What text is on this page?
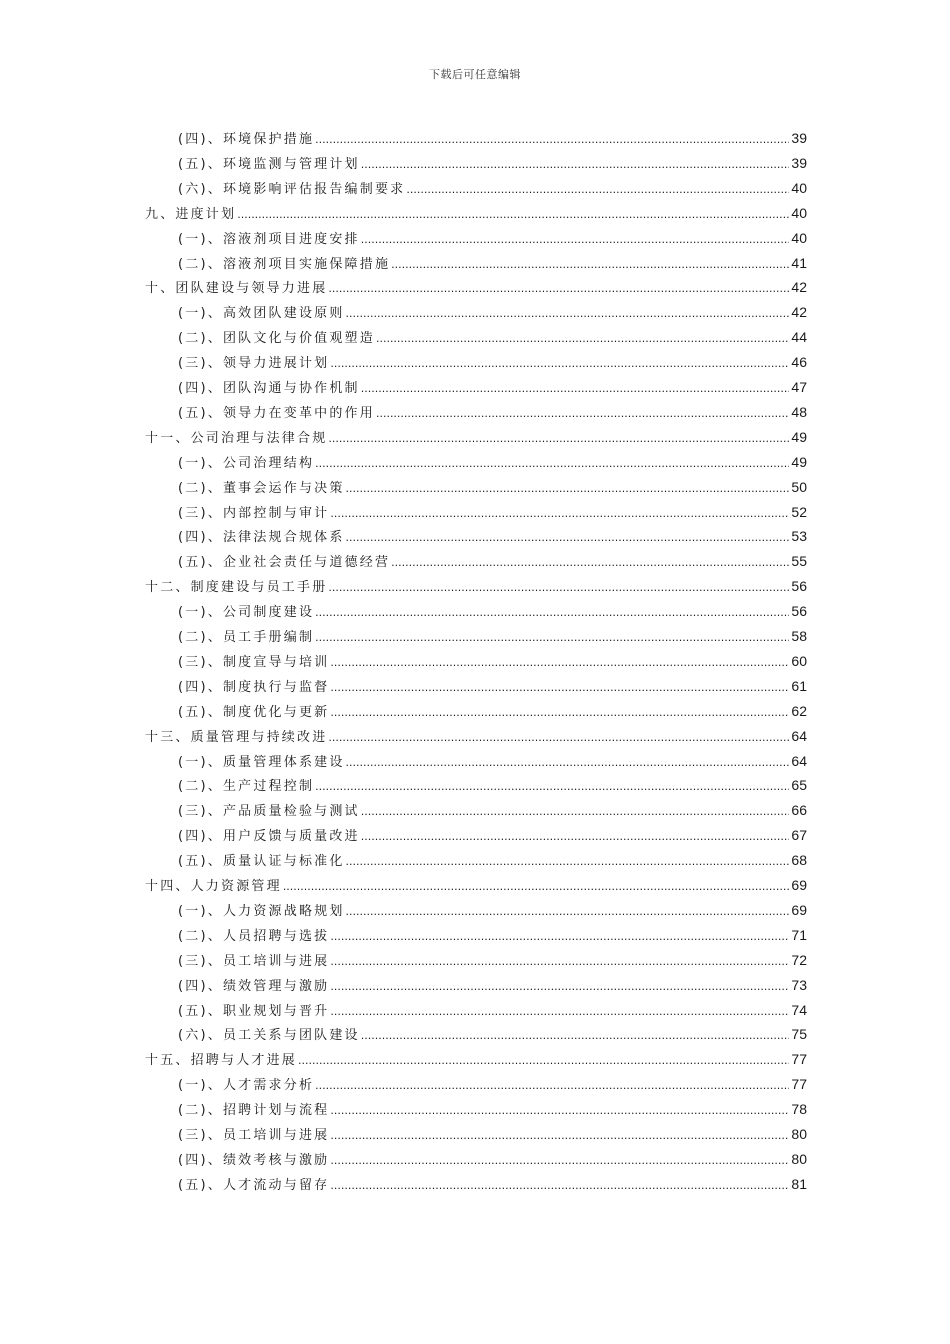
下载后可任意编辑
(四)、环境保护措施 .....	39
(五)、环境监测与管理计划 .....	39
(六)、环境影响评估报告编制要求 .....	40
九、进度计划 .....	40
(一)、溶液剂项目进度安排 .....	40
(二)、溶液剂项目实施保障措施 .....	41
十、团队建设与领导力进展 .....	42
(一)、高效团队建设原则 .....	42
(二)、团队文化与价值观塑造 .....	44
(三)、领导力进展计划 .....	46
(四)、团队沟通与协作机制 .....	47
(五)、领导力在变革中的作用 .....	48
十一、公司治理与法律合规 .....	49
(一)、公司治理结构 .....	49
(二)、董事会运作与决策 .....	50
(三)、内部控制与审计 .....	52
(四)、法律法规合规体系 .....	53
(五)、企业社会责任与道德经营 .....	55
十二、制度建设与员工手册 .....	56
(一)、公司制度建设 .....	56
(二)、员工手册编制 .....	58
(三)、制度宣导与培训 .....	60
(四)、制度执行与监督 .....	61
(五)、制度优化与更新 .....	62
十三、质量管理与持续改进 .....	64
(一)、质量管理体系建设 .....	64
(二)、生产过程控制 .....	65
(三)、产品质量检验与测试 .....	66
(四)、用户反馈与质量改进 .....	67
(五)、质量认证与标准化 .....	68
十四、人力资源管理 .....	69
(一)、人力资源战略规划 .....	69
(二)、人员招聘与选拔 .....	71
(三)、员工培训与进展 .....	72
(四)、绩效管理与激励 .....	73
(五)、职业规划与晋升 .....	74
(六)、员工关系与团队建设 .....	75
十五、招聘与人才进展 .....	77
(一)、人才需求分析 .....	77
(二)、招聘计划与流程 .....	78
(三)、员工培训与进展 .....	80
(四)、绩效考核与激励 .....	80
(五)、人才流动与留存 .....	81
